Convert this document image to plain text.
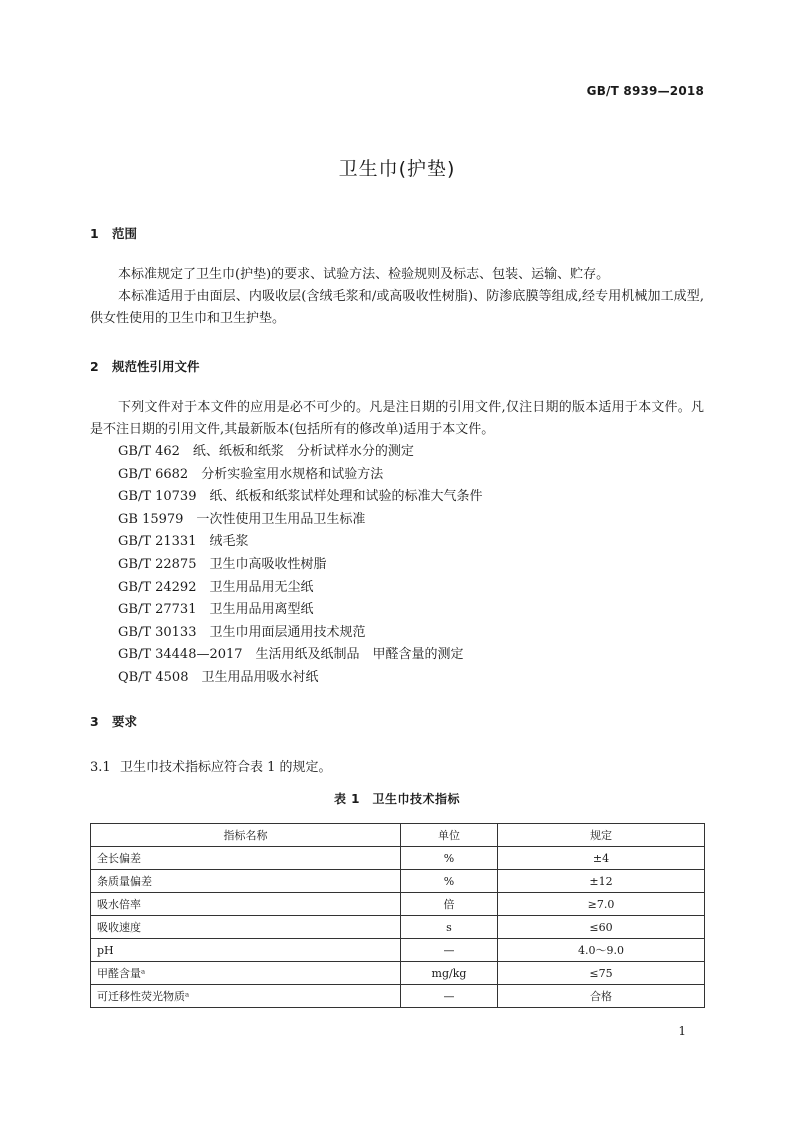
GB/T 8939—2018
卫生巾(护垫)
1 范围
本标准规定了卫生巾(护垫)的要求、试验方法、检验规则及标志、包装、运输、贮存。
本标准适用于由面层、内吸收层(含绒毛浆和/或高吸收性树脂)、防渗底膜等组成,经专用机械加工成型,供女性使用的卫生巾和卫生护垫。
2 规范性引用文件
下列文件对于本文件的应用是必不可少的。凡是注日期的引用文件,仅注日期的版本适用于本文件。凡是不注日期的引用文件,其最新版本(包括所有的修改单)适用于本文件。
GB/T 462　纸、纸板和纸浆　分析试样水分的测定
GB/T 6682　分析实验室用水规格和试验方法
GB/T 10739　纸、纸板和纸浆试样处理和试验的标准大气条件
GB 15979　一次性使用卫生用品卫生标准
GB/T 21331　绒毛浆
GB/T 22875　卫生巾高吸收性树脂
GB/T 24292　卫生用品用无尘纸
GB/T 27731　卫生用品用离型纸
GB/T 30133　卫生巾用面层通用技术规范
GB/T 34448—2017　生活用纸及纸制品　甲醛含量的测定
QB/T 4508　卫生用品用吸水衬纸
3 要求
3.1 卫生巾技术指标应符合表 1 的规定。
表 1　卫生巾技术指标
指标名称	单位	规定
全长偏差	%	±4
条质量偏差	%	±12
吸水倍率	倍	≥7.0
吸收速度	s	≤60
pH	—	4.0～9.0
甲醛含量ᵃ	mg/kg	≤75
可迁移性荧光物质ᵃ	—	合格
1
